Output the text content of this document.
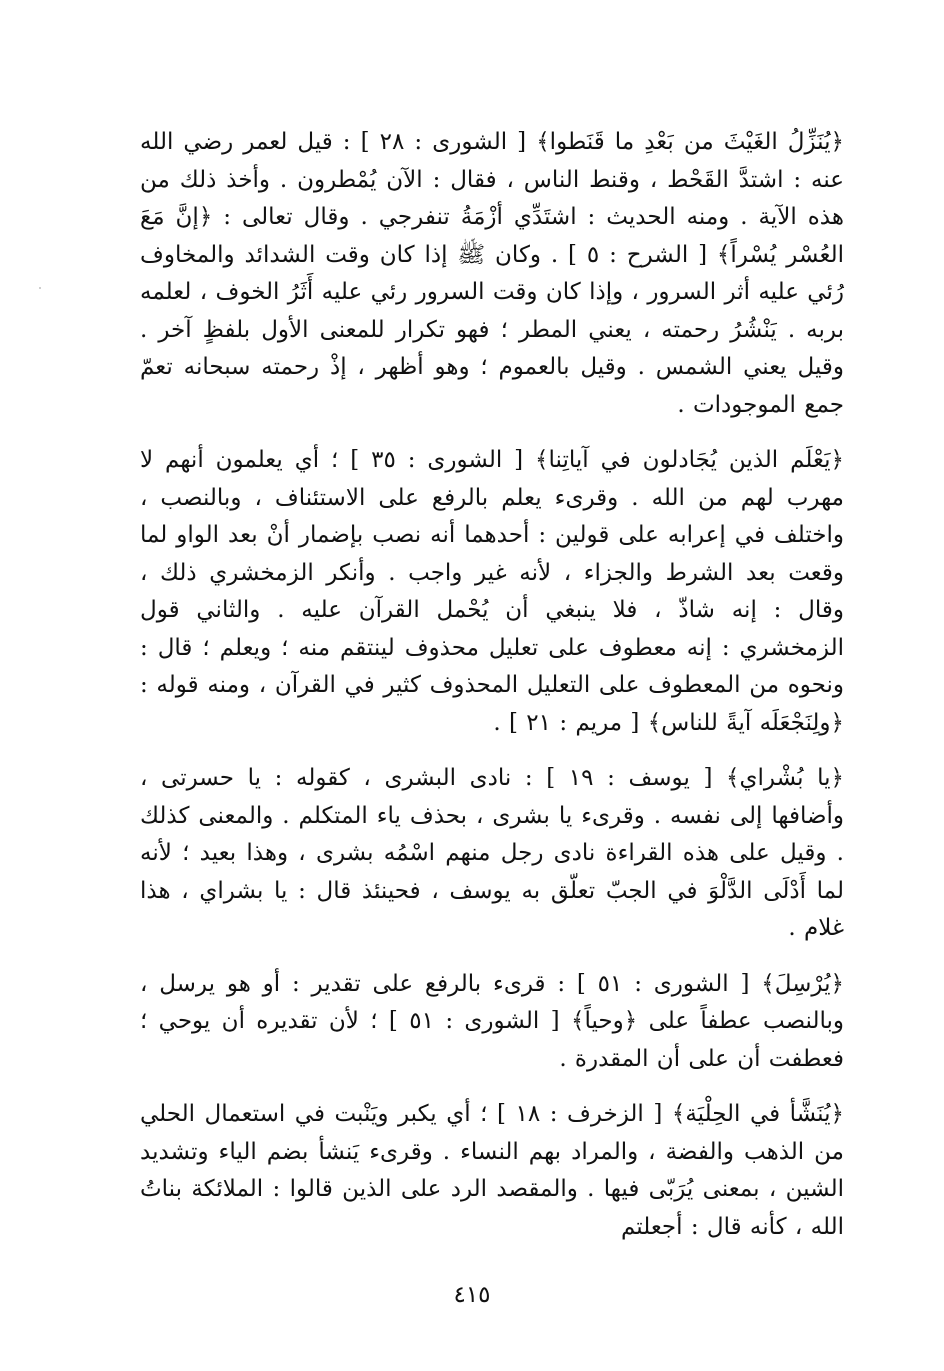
﴿يُنَزِّلُ الغَيْثَ من بَعْدِ ما قَنَطوا﴾ [ الشورى : ٢٨ ] : قيل لعمر رضي الله عنه : اشتدَّ القَحْط ، وقنط الناس ، فقال : الآن يُمْطرون . وأخذ ذلك من هذه الآية . ومنه الحديث : اشتَدِّي أزْمَةُ تنفرجي . وقال تعالى : ﴿إنَّ مَعَ العُسْر يُسْراً﴾ [ الشرح : ٥ ] . وكان ﷺ إذا كان وقت الشدائد والمخاوف رُئي عليه أثر السرور ، وإذا كان وقت السرور رئي عليه أَثَرُ الخوف ، لعلمه بربه . يَنْشُرُ رحمته ، يعني المطر ؛ فهو تكرار للمعنى الأول بلفظٍ آخر . وقيل يعني الشمس . وقيل بالعموم ؛ وهو أظهر ، إذْ رحمته سبحانه تعمّ جمع الموجودات .

﴿يَعْلَم الذين يُجَادلون في آياتِنا﴾ [ الشورى : ٣٥ ] ؛ أي يعلمون أنهم لا مهرب لهم من الله . وقرىء يعلم بالرفع على الاستئناف ، وبالنصب ، واختلف في إعرابه على قولين : أحدهما أنه نصب بإضمار أنْ بعد الواو لما وقعت بعد الشرط والجزاء ، لأنه غير واجب . وأنكر الزمخشري ذلك ، وقال : إنه شاذّ ، فلا ينبغي أن يُحْمل القرآن عليه . والثاني قول الزمخشري : إنه معطوف على تعليل محذوف لينتقم منه ؛ ويعلم ؛ قال : ونحوه من المعطوف على التعليل المحذوف كثير في القرآن ، ومنه قوله : ﴿ولِنَجْعَلَه آيةً للناس﴾ [ مريم : ٢١ ] .

﴿يا بُشْراي﴾ [ يوسف : ١٩ ] : نادى البشرى ، كقوله : يا حسرتى ، وأضافها إلى نفسه . وقرىء يا بشرى ، بحذف ياء المتكلم . والمعنى كذلك . وقيل على هذه القراءة نادى رجل منهم اسْمُه بشرى ، وهذا بعيد ؛ لأنه لما أَدْلَى الدَّلْوَ في الجبّ تعلّق به يوسف ، فحينئذ قال : يا بشراي ، هذا غلام .

﴿يُرْسِلَ﴾ [ الشورى : ٥١ ] : قرىء بالرفع على تقدير : أو هو يرسل ، وبالنصب عطفاً على ﴿وحياً﴾ [ الشورى : ٥١ ] ؛ لأن تقديره أن يوحي ؛ فعطفت أن على أن المقدرة .

﴿يُنَشَّأ في الحِلْيَة﴾ [ الزخرف : ١٨ ] ؛ أي يكبر ويَنْبت في استعمال الحلي من الذهب والفضة ، والمراد بهم النساء . وقرىء يَنشأ بضم الياء وتشديد الشين ، بمعنى يُرَبّى فيها . والمقصد الرد على الذين قالوا : الملائكة بناتُ الله ، كأنه قال : أجعلتم

٤١٥
